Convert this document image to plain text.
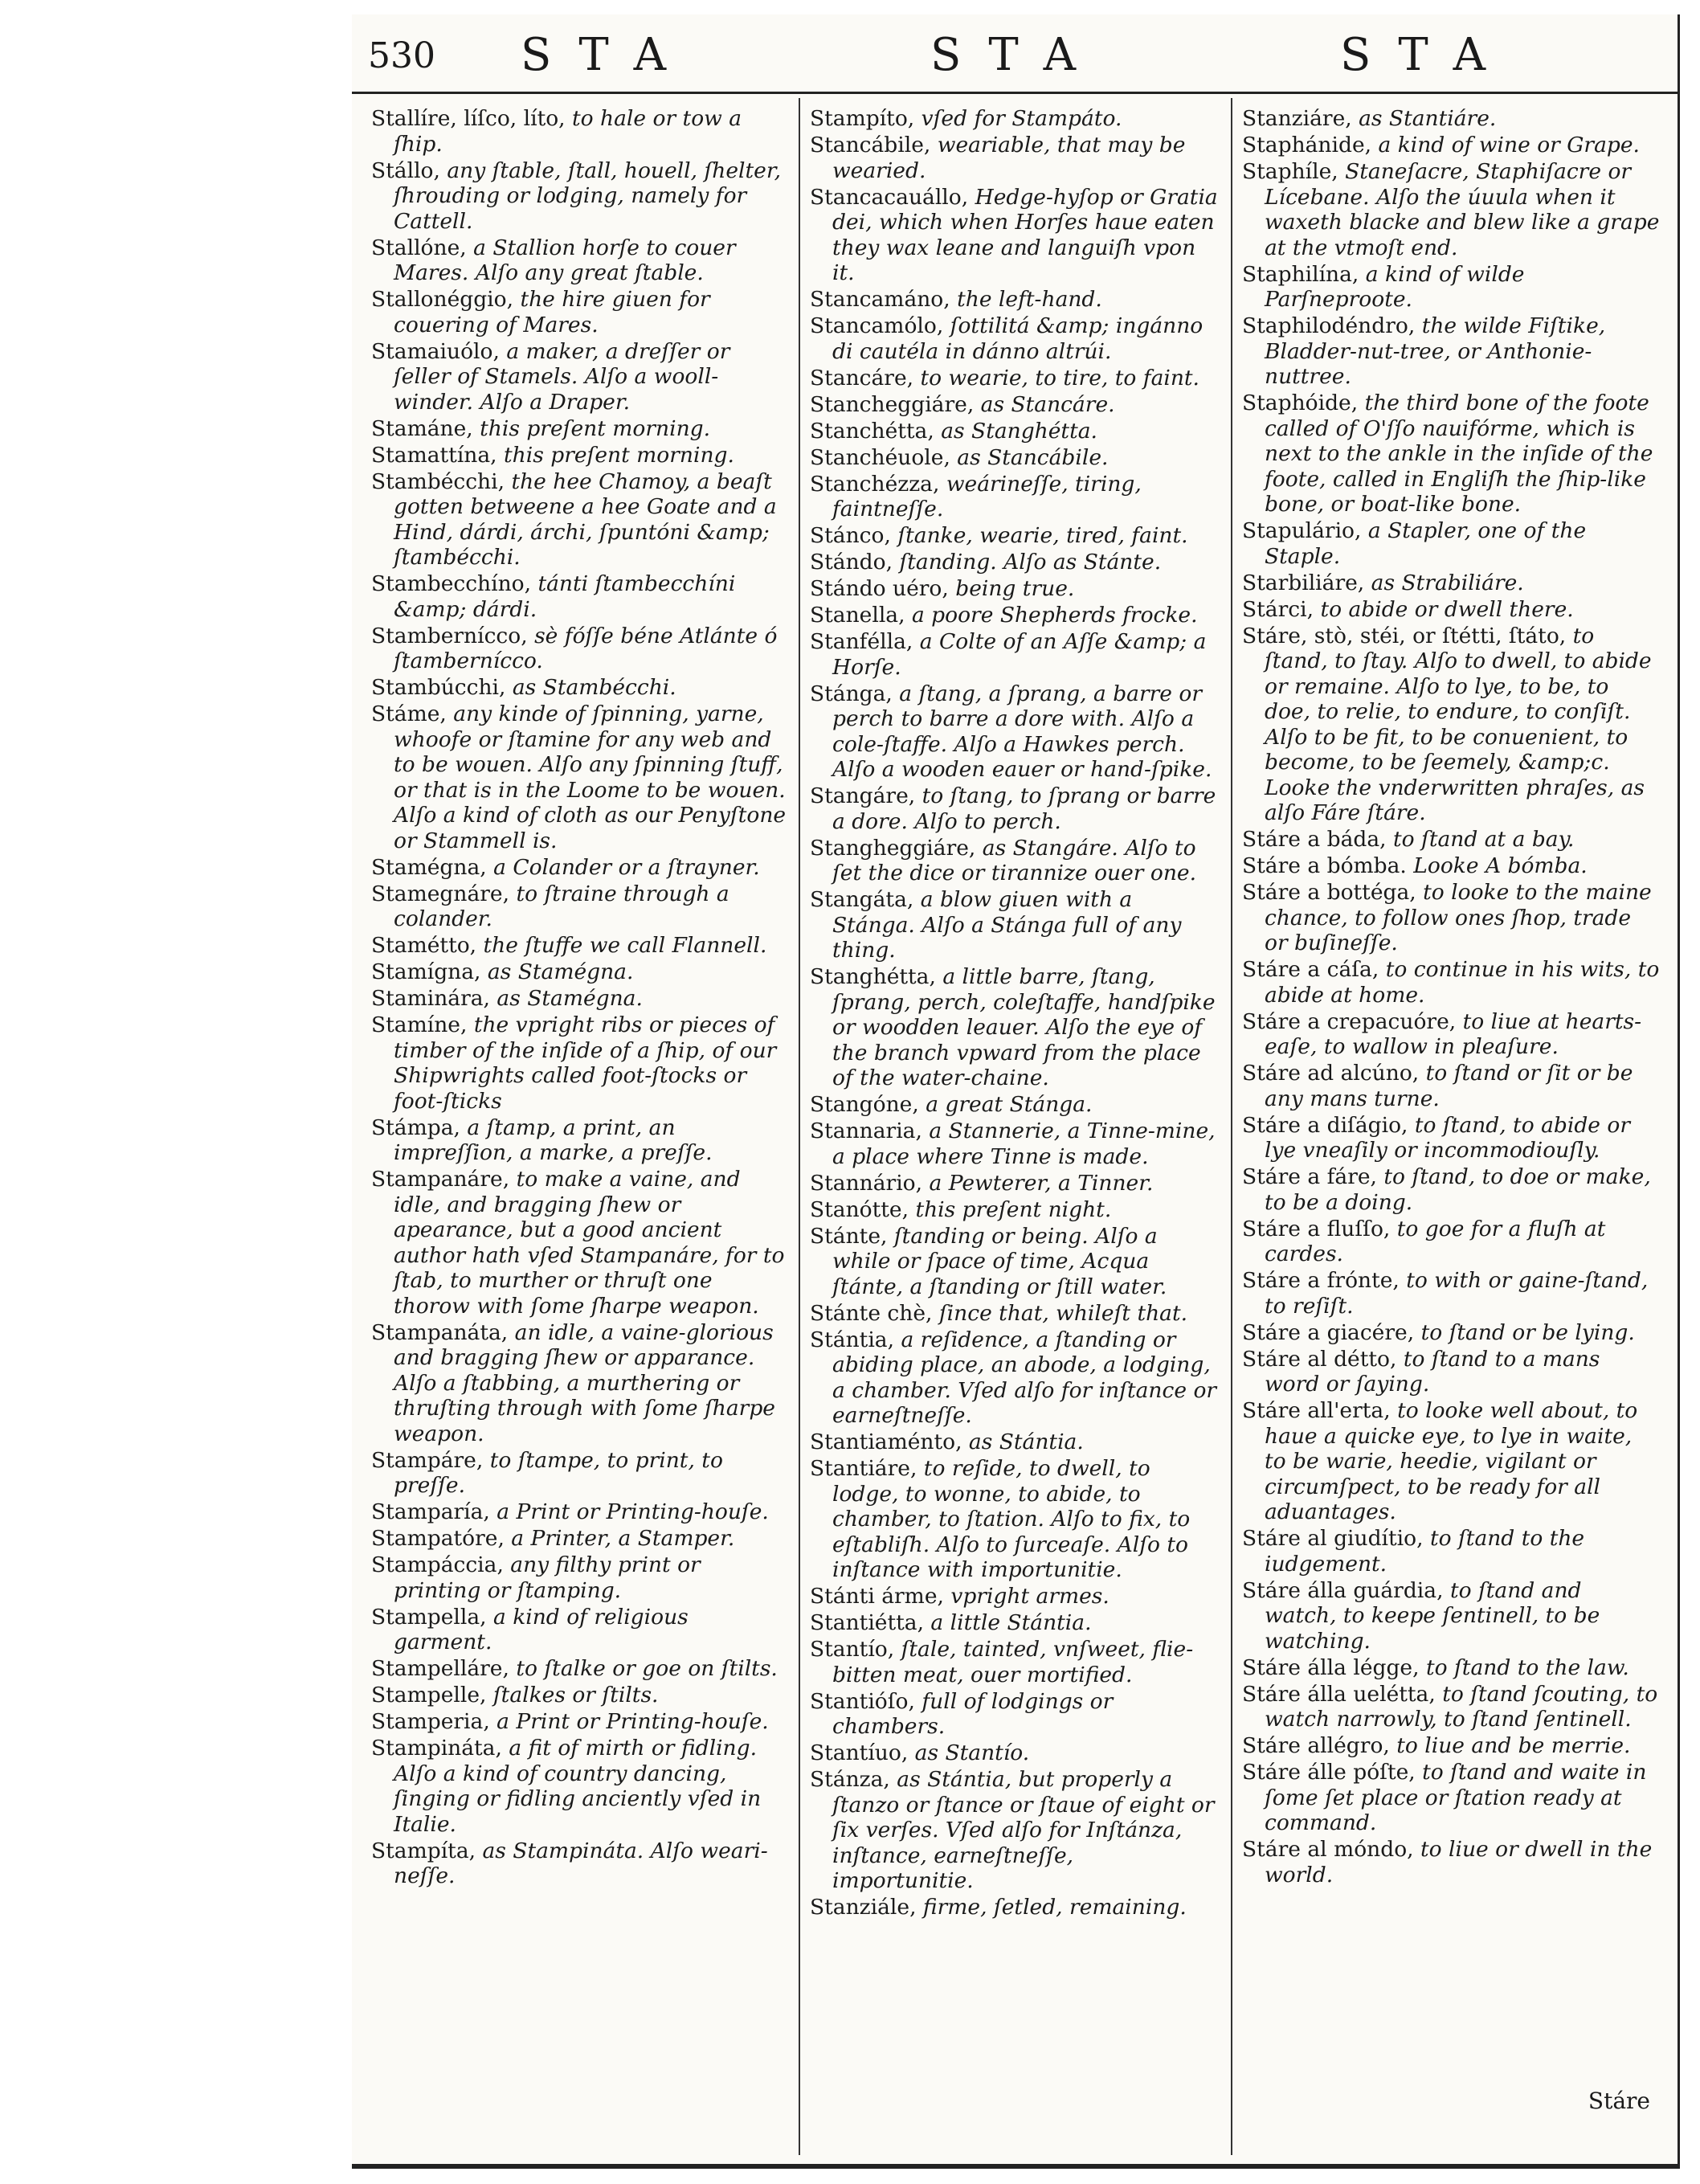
530 STA	STA	STA

Stallíre, líſco, líto, to hale or tow a ſhip.

Stállo, any ſtable, ſtall, houell, ſhelter, ſhrouding or lodging, namely for Cattell.

Stallóne, a Stallion horſe to couer Mares. Alſo any great ſtable.

Stallonéggio, the hire giuen for couering of Mares.

Stamaiuólo, a maker, a dreſſer or ſeller of Stamels. Alſo a wooll-winder. Alſo a Draper.

Stamáne, this preſent morning.

Stamattína, this preſent morning.

Stambécchi, the hee Chamoy, a beaſt gotten betweene a hee Goate and a Hind, dárdi, árchi, ſpuntóni &amp; ſtambécchi.

Stambecchíno, tánti ſtambecchíni &amp; dárdi.

Stambernícco, sè fóſſe béne Atlánte ó ſtambernícco.

Stambúcchi, as Stambécchi.

Stáme, any kinde of ſpinning, yarne, whoofe or ſtamine for any web and to be wouen. Alſo any ſpinning ſtuff, or that is in the Loome to be wouen. Alſo a kind of cloth as our Penyſtone or Stammell is.

Stamégna, a Colander or a ſtrayner.

Stamegnáre, to ſtraine through a colander.

Staméttо, the ſtuffe we call Flannell.

Stamígna, as Stamégna.

Staminára, as Stamégna.

Stamíne, the vpright ribs or pieces of timber of the inſide of a ſhip, of our Shipwrights called foot-ſtocks or foot-ſticks

Stámpa, a ſtamp, a print, an impreſſion, a marke, a preſſe.

Stampanáre, to make a vaine, and idle, and bragging ſhew or apearance, but a good ancient author hath vſed Stampanáre, for to ſtab, to murther or thruſt one thorow with ſome ſharpe weapon.

Stampanáta, an idle, a vaine-glorious and bragging ſhew or apparance. Alſo a ſtabbing, a murthering or thruſting through with ſome ſharpe weapon.

Stampáre, to ſtampe, to print, to preſſe.

Stamparía, a Print or Printing-houſe.

Stampatóre, a Printer, a Stamper.

Stampáccia, any filthy print or printing or ſtamping.

Stampella, a kind of religious garment.

Stampelláre, to ſtalke or goe on ſtilts.

Stampelle, ſtalkes or ſtilts.

Stamperia, a Print or Printing-houſe.

Stampináta, a fit of mirth or fidling. Alſo a kind of country dancing, ſinging or fidling anciently vſed in Italie.

Stampíta, as Stampináta. Alſo weari-neſſe.

Stampíto, vſed for Stampáto.

Stancábile, weariable, that may be wearied.

Stancacauállo, Hedge-hyſop or Gratia dei, which when Horſes haue eaten they wax leane and languiſh vpon it.

Stancamáno, the left-hand.

Stancamólo, ſottilitá &amp; ingánno di cautéla in dánno altrúi.

Stancáre, to wearie, to tire, to faint.

Stancheggiáre, as Stancáre.

Stanchétta, as Stanghétta.

Stanchéuole, as Stancábile.

Stanchézza, weárineſſe, tiring, faintneſſe.

Stánco, ſtanke, wearie, tired, faint.

Stándo, ſtanding. Alſo as Stánte.

Stándo uéro, being true.

Stanella, a poore Shepherds frocke.

Stanfélla, a Colte of an Aſſe &amp; a Horſe.

Stánga, a ſtang, a ſprang, a barre or perch to barre a dore with. Alſo a cole-ſtaffe. Alſo a Hawkes perch. Alſo a wooden eauer or hand-ſpike.

Stangáre, to ſtang, to ſprang or barre a dore. Alſo to perch.

Stangheggiáre, as Stangáre. Alſo to ſet the dice or tirannize ouer one.

Stangáta, a blow giuen with a Stánga. Alſo a Stánga full of any thing.

Stanghétta, a little barre, ſtang, ſprang, perch, coleſtaffe, handſpike or woodden leauer. Alſo the eye of the branch vpward from the place of the water-chaine.

Stangóne, a great Stánga.

Stannaria, a Stannerie, a Tinne-mine, a place where Tinne is made.

Stannário, a Pewterer, a Tinner.

Stanótte, this preſent night.

Stánte, ſtanding or being. Alſo a while or ſpace of time, Acqua ſtánte, a ſtanding or ſtill water.

Stánte chè, ſince that, whileſt that.

Stántia, a reſidence, a ſtanding or abiding place, an abode, a lodging, a chamber. Vſed alſo for inſtance or earneſtneſſe.

Stantiaménto, as Stántia.

Stantiáre, to reſide, to dwell, to lodge, to wonne, to abide, to chamber, to ſtation. Alſo to fix, to eſtabliſh. Alſo to ſurceaſe. Alſo to inſtance with importunitie.

Stánti árme, vpright armes.

Stantiétta, a little Stántia.

Stantío, ſtale, tainted, vnſweet, flie-bitten meat, ouer mortified.

Stantióſo, full of lodgings or chambers.

Stantíuo, as Stantío.

Stánza, as Stántia, but properly a ſtanzo or ſtance or ſtaue of eight or ſix verſes. Vſed alſo for Inſtánza, inſtance, earneſtneſſe, importunitie.

Stanziále, firme, ſetled, remaining.

Stanziáre, as Stantiáre.

Staphánide, a kind of wine or Grape.

Staphíle, Staneſacre, Staphiſacre or Lícebane. Alſo the úuula when it waxeth blacke and blew like a grape at the vtmoſt end.

Staphilína, a kind of wilde Parſneproote.

Staphilodéndro, the wilde Fiſtike, Bladder-nut-tree, or Anthonie-nuttree.

Staphóide, the third bone of the foote called of O'ſſo nauifórme, which is next to the ankle in the inſide of the foote, called in Engliſh the ſhip-like bone, or boat-like bone.

Stapulário, a Stapler, one of the Staple.

Starbiliáre, as Strabiliáre.

Stárci, to abide or dwell there.

Stáre, stò, stéi, or ſtétti, ſtáto, to ſtand, to ſtay. Alſo to dwell, to abide or remaine. Alſo to lye, to be, to doe, to relie, to endure, to conſiſt. Alſo to be fit, to be conuenient, to become, to be ſeemely, &amp;c. Looke the vnderwritten phraſes, as alſo Fáre ſtáre.

Stáre a báda, to ſtand at a bay.

Stáre a bómba. Looke A bómba.

Stáre a bottéga, to looke to the maine chance, to follow ones ſhop, trade or buſineſſe.

Stáre a cáſa, to continue in his wits, to abide at home.

Stáre a crepacuóre, to liue at hearts-eaſe, to wallow in pleaſure.

Stáre ad alcúno, to ſtand or ſit or be any mans turne.

Stáre a diſágio, to ſtand, to abide or lye vneaſily or incommodiouſly.

Stáre a fáre, to ſtand, to doe or make, to be a doing.

Stáre a fluſſo, to goe for a fluſh at cardes.

Stáre a frónte, to with or gaine-ſtand, to reſiſt.

Stáre a giacére, to ſtand or be lying.

Stáre al détto, to ſtand to a mans word or ſaying.

Stáre all'erta, to looke well about, to haue a quicke eye, to lye in waite, to be warie, heedie, vigilant or circumſpect, to be ready for all aduantages.

Stáre al giudítio, to ſtand to the iudgement.

Stáre álla guárdia, to ſtand and watch, to keepe ſentinell, to be watching.

Stáre álla légge, to ſtand to the law.

Stáre álla uelétta, to ſtand ſcouting, to watch narrowly, to ſtand ſentinell.

Stáre allégro, to liue and be merrie.

Stáre álle póſte, to ſtand and waite in ſome ſet place or ſtation ready at command.

Stáre al móndo, to liue or dwell in the world.

Stáre
